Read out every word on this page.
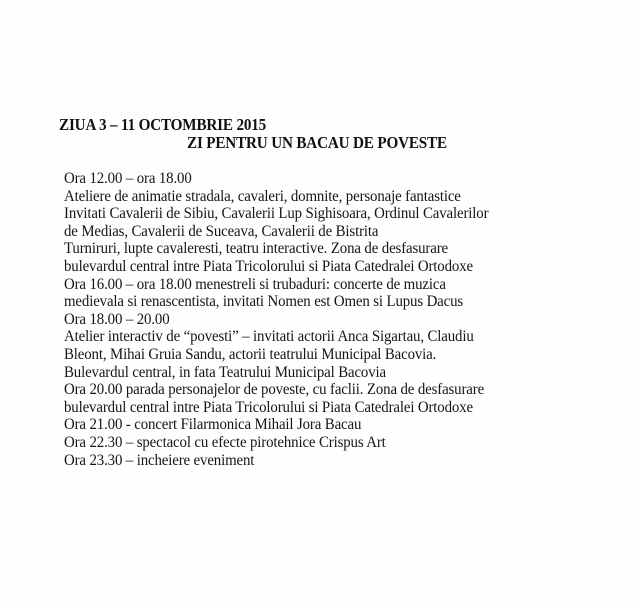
ZIUA 3 – 11 OCTOMBRIE 2015
ZI PENTRU UN BACAU DE POVESTE
Ora 12.00 – ora 18.00
Ateliere de animatie stradala, cavaleri, domnite, personaje fantastice
Invitati Cavalerii de Sibiu, Cavalerii Lup Sighisoara, Ordinul Cavalerilor
de Medias, Cavalerii de Suceava, Cavalerii de Bistrita
Turniruri, lupte cavaleresti, teatru interactive. Zona de desfasurare
bulevardul central intre Piata Tricolorului si Piata Catedralei Ortodoxe
Ora 16.00 – ora 18.00 menestreli si trubaduri: concerte de muzica
medievala si renascentista, invitati Nomen est Omen si Lupus Dacus
Ora 18.00 – 20.00
Atelier interactiv de “povesti” – invitati actorii Anca Sigartau, Claudiu
Bleont, Mihai Gruia Sandu, actorii teatrului Municipal Bacovia.
Bulevardul central, in fata Teatrului Municipal Bacovia
Ora 20.00 parada personajelor de poveste, cu faclii. Zona de desfasurare
bulevardul central intre Piata Tricolorului si Piata Catedralei Ortodoxe
Ora 21.00 - concert Filarmonica Mihail Jora Bacau
Ora 22.30 – spectacol cu efecte pirotehnice Crispus Art
Ora 23.30 – incheiere eveniment
